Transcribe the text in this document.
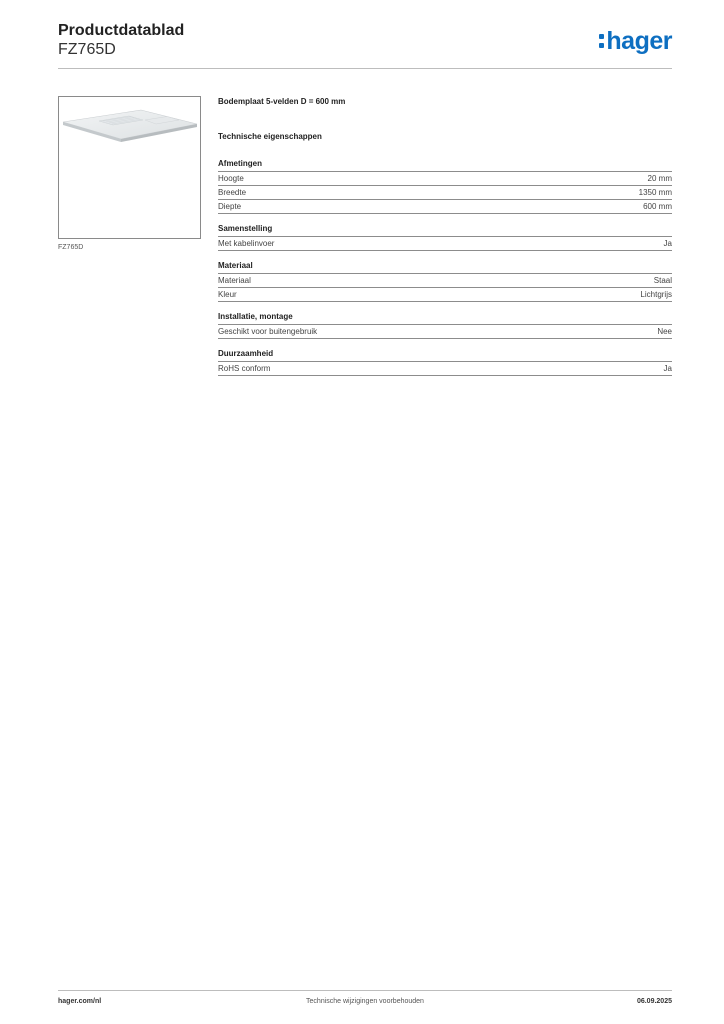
Productdatablad
FZ765D	hager
FZ765D
Bodemplaat 5-velden D = 600 mm
Technische eigenschappen
Afmetingen
Hoogte	20 mm
Breedte	1350 mm
Diepte	600 mm
Samenstelling
Met kabelinvoer	Ja
Materiaal
Materiaal	Staal
Kleur	Lichtgrijs
Installatie, montage
Geschikt voor buitengebruik	Nee
Duurzaamheid
RoHS conform	Ja
hager.com/nl	Technische wijzigingen voorbehouden	06.09.2025
